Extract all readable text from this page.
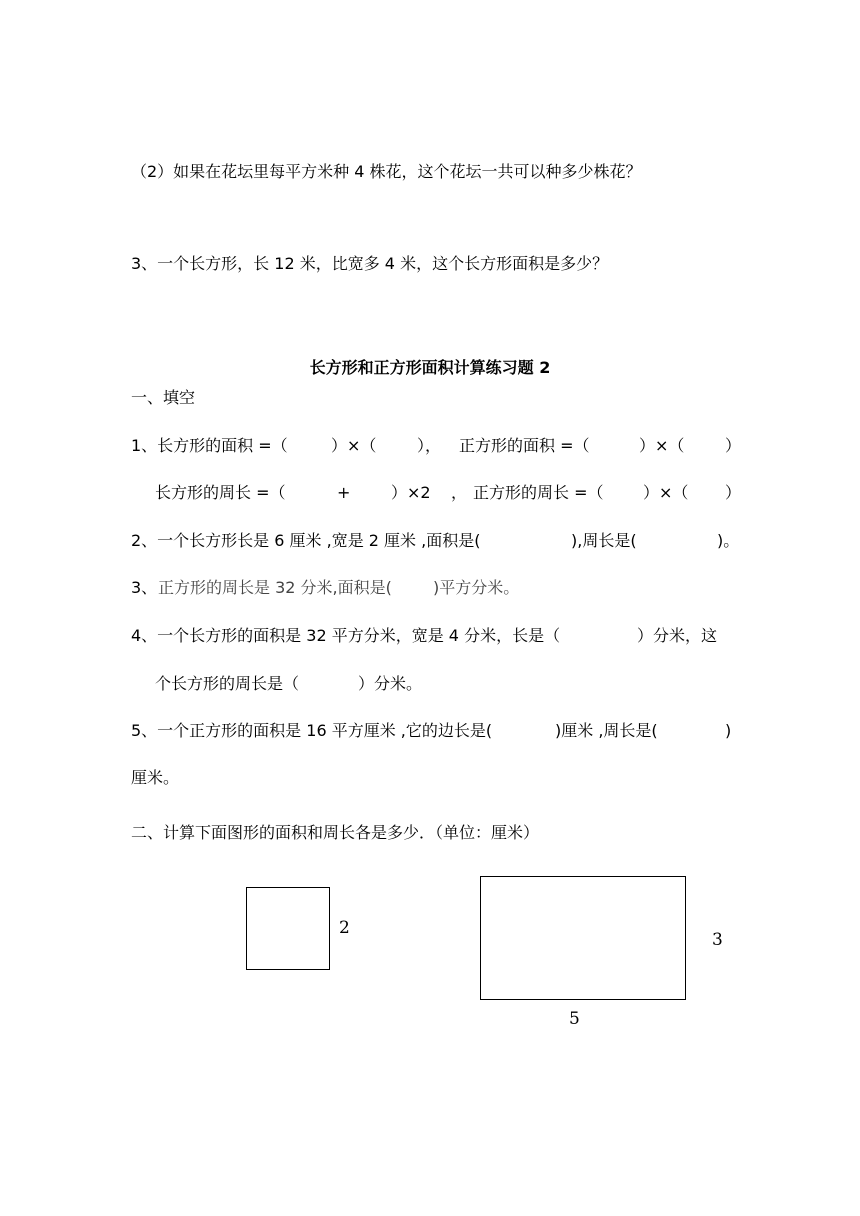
（2）如果在花坛里每平方米种 4 株花，这个花坛一共可以种多少株花？
3、一个长方形，长 12 米，比宽多 4 米，这个长方形面积是多少？
长方形和正方形面积计算练习题 2
一、填空
1、长方形的面积 =（	）×（	）， 正方形的面积 =（	）×（	）
长方形的周长 =（	+	）×2 ， 正方形的周长 =（ ）×（ ）
2、一个长方形长是 6 厘米 ,宽是 2 厘米 ,面积是(	),周长是(	)。
3、 正方形的周长是 32 分米,面积是(	)平方分米。
4、一个长方形的面积是 32 平方分米，宽是 4 分米，长是（	）分米，这
个长方形的周长是（	）分米。
5、一个正方形的面积是 16 平方厘米 ,它的边长是(	)厘米 ,周长是(	)
厘米。
二、计算下面图形的面积和周长各是多少．（单位：厘米）
2
3
5
